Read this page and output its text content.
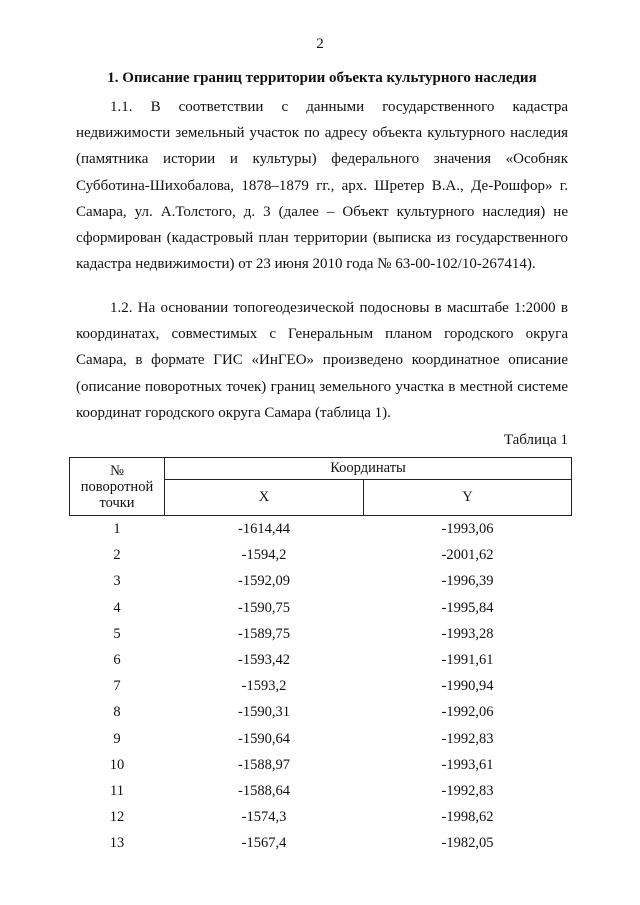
2
1. Описание границ территории объекта культурного наследия

1.1. В соответствии с данными государственного кадастра недвижимости земельный участок по адресу объекта культурного наследия (памятника истории и культуры) федерального значения «Особняк Субботина-Шихобалова, 1878–1879 гг., арх. Шретер В.А., Де-Рошфор» г. Самара, ул. А.Толстого, д. 3 (далее – Объект культурного наследия) не сформирован (кадастровый план территории (выписка из государственного кадастра недвижимости) от 23 июня 2010 года № 63-00-102/10-267414).

1.2. На основании топогеодезической подосновы в масштабе 1:2000 в координатах, совместимых с Генеральным планом городского округа Самара, в формате ГИС «ИнГЕО» произведено координатное описание (описание поворотных точек) границ земельного участка в местной системе координат городского округа Самара (таблица 1).

Таблица 1
№
поворотной точки	Координаты	
	X	Y
1	-1614,44	-1993,06
2	-1594,2	-2001,62
3	-1592,09	-1996,39
4	-1590,75	-1995,84
5	-1589,75	-1993,28
6	-1593,42	-1991,61
7	-1593,2	-1990,94
8	-1590,31	-1992,06
9	-1590,64	-1992,83
10	-1588,97	-1993,61
11	-1588,64	-1992,83
12	-1574,3	-1998,62
13	-1567,4	-1982,05
